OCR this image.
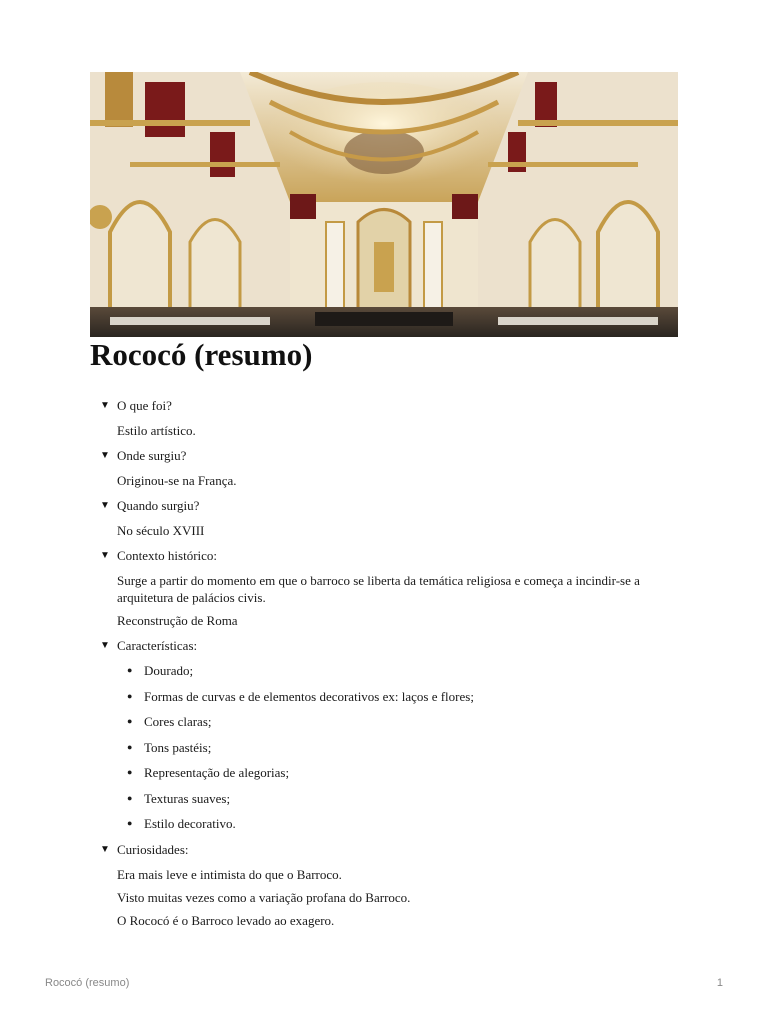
Rococó (resumo)
▼ O que foi?

Estilo artístico.

▼ Onde surgiu?

Originou-se na França.

▼ Quando surgiu?

No século XVIII

▼ Contexto histórico:

Surge a partir do momento em que o barroco se liberta da temática religiosa e começa a incindir-se a arquitetura de palácios civis.

Reconstrução de Roma

▼ Características:
● Dourado;
● Formas de curvas e de elementos decorativos ex: laços e flores;
● Cores claras;
● Tons pastéis;
● Representação de alegorias;
● Texturas suaves;
● Estilo decorativo.
▼ Curiosidades:

Era mais leve e intimista do que o Barroco.

Visto muitas vezes como a variação profana do Barroco.

O Rococó é o Barroco levado ao exagero.

Rococó (resumo)	1
